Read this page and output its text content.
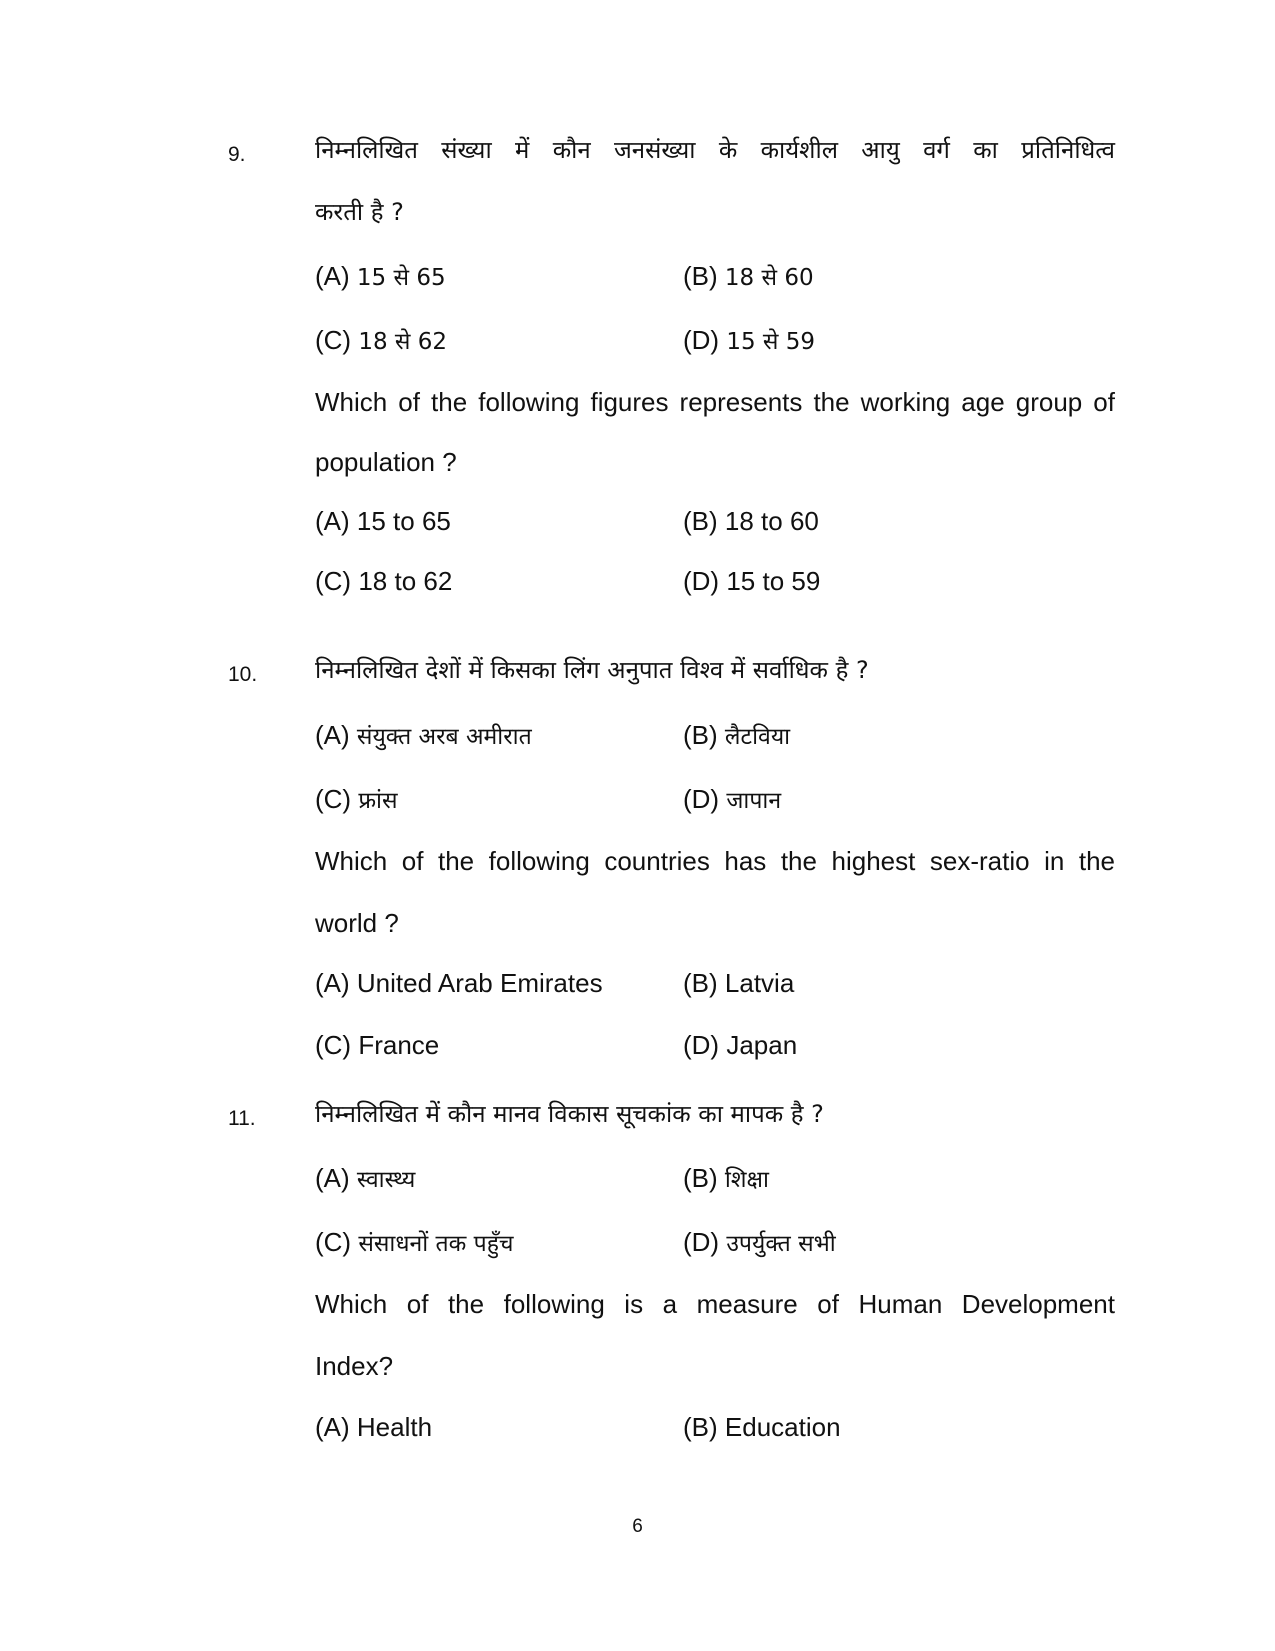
9.	निम्नलिखित संख्या में कौन जनसंख्या के कार्यशील आयु वर्ग का प्रतिनिधित्व
करती है ?
(A) 15 से 65	(B) 18 से 60
(C) 18 से 62	(D) 15 से 59
Which of the following figures represents the working age group of
population ?
(A) 15 to 65	(B) 18 to 60
(C) 18 to 62	(D) 15 to 59
10. निम्नलिखित देशों में किसका लिंग अनुपात विश्व में सर्वाधिक है ?
(A) संयुक्त अरब अमीरात	(B) लैटविया
(C) फ्रांस	(D) जापान
Which of the following countries has the highest sex-ratio in the
world ?
(A) United Arab Emirates	(B) Latvia
(C) France	(D) Japan
11. निम्नलिखित में कौन मानव विकास सूचकांक का मापक है ?
(A) स्वास्थ्य	(B) शिक्षा
(C) संसाधनों तक पहुँच	(D) उपर्युक्त सभी
Which of the following is a measure of Human Development
Index?
(A) Health	(B) Education
6
